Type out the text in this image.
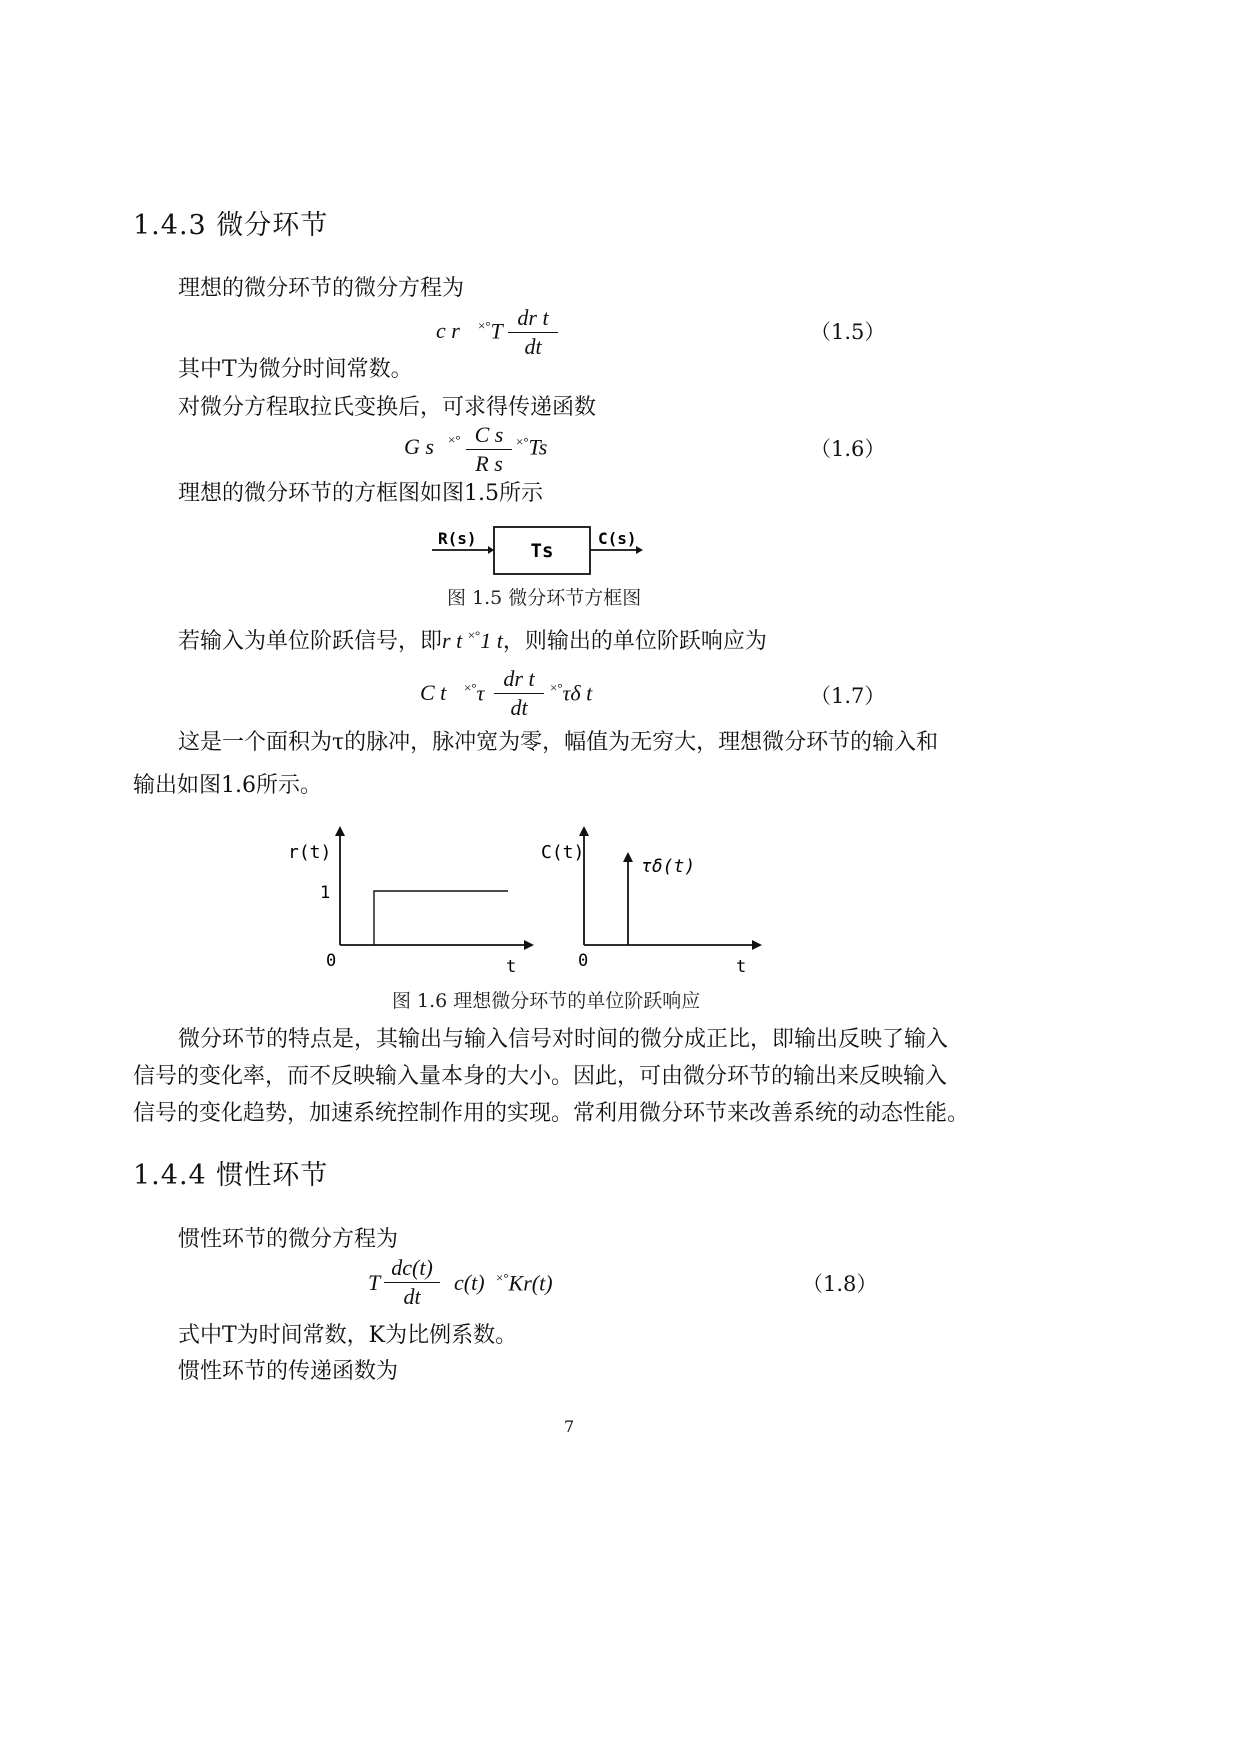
1.4.3 微分环节
理想的微分环节的微分方程为
c r ×°T
dr t
dt
（1.5）
其中T为微分时间常数。
对微分方程取拉氏变换后，可求得传递函数
G s ×° C s
R s
×°Ts	（1.6）
理想的微分环节的方框图如图1.5所示
R(s)
Ts
C(s)
图 1.5 微分环节方框图
若输入为单位阶跃信号，即r t ×°1 t，则输出的单位阶跃响应为
C t ×°τ
dr t
dt
×°τδ t	（1.7）
这是一个面积为τ的脉冲，脉冲宽为零，幅值为无穷大，理想微分环节的输入和
输出如图1.6所示。
r(t)
1
0	t
C(t)
τδ(t)
0	t
图 1.6 理想微分环节的单位阶跃响应
微分环节的特点是，其输出与输入信号对时间的微分成正比，即输出反映了输入
信号的变化率，而不反映输入量本身的大小。因此，可由微分环节的输出来反映输入
信号的变化趋势，加速系统控制作用的实现。常利用微分环节来改善系统的动态性能。
1.4.4 惯性环节
惯性环节的微分方程为
T
dc(t)
dt
c(t) ×°Kr(t)	（1.8）
式中T为时间常数，K为比例系数。
惯性环节的传递函数为
7
